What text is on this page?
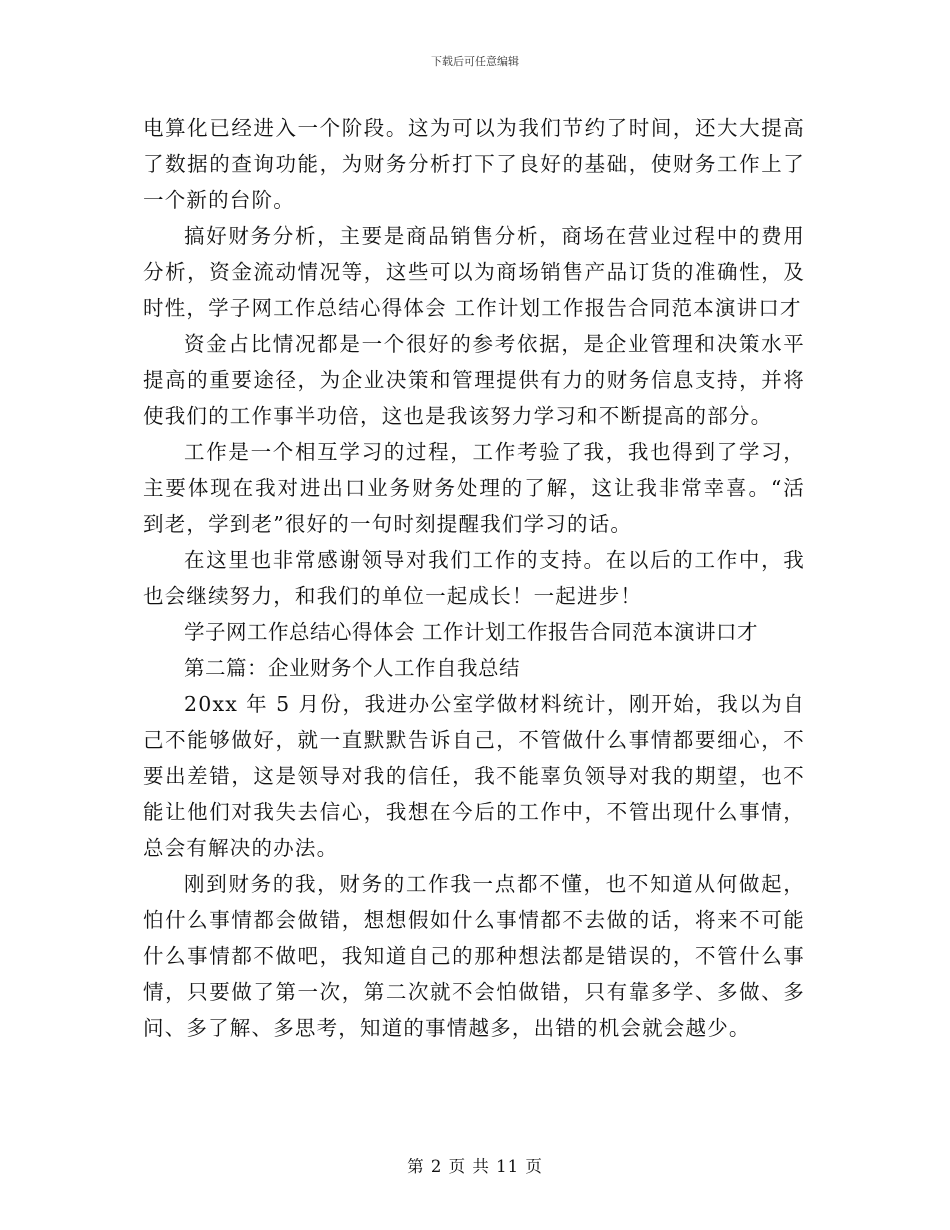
下载后可任意编辑

电算化已经进入一个阶段。这为可以为我们节约了时间，还大大提高了数据的查询功能，为财务分析打下了良好的基础，使财务工作上了一个新的台阶。

搞好财务分析，主要是商品销售分析，商场在营业过程中的费用分析，资金流动情况等，这些可以为商场销售产品订货的准确性，及时性，学子网工作总结心得体会 工作计划工作报告合同范本演讲口才

资金占比情况都是一个很好的参考依据，是企业管理和决策水平提高的重要途径，为企业决策和管理提供有力的财务信息支持，并将使我们的工作事半功倍，这也是我该努力学习和不断提高的部分。

工作是一个相互学习的过程，工作考验了我，我也得到了学习，主要体现在我对进出口业务财务处理的了解，这让我非常幸喜。“活到老，学到老”很好的一句时刻提醒我们学习的话。

在这里也非常感谢领导对我们工作的支持。在以后的工作中，我也会继续努力，和我们的单位一起成长！一起进步！

学子网工作总结心得体会 工作计划工作报告合同范本演讲口才

第二篇：企业财务个人工作自我总结

20xx 年 5 月份，我进办公室学做材料统计，刚开始，我以为自己不能够做好，就一直默默告诉自己，不管做什么事情都要细心，不要出差错，这是领导对我的信任，我不能辜负领导对我的期望，也不能让他们对我失去信心，我想在今后的工作中，不管出现什么事情，总会有解决的办法。

刚到财务的我，财务的工作我一点都不懂，也不知道从何做起，怕什么事情都会做错，想想假如什么事情都不去做的话，将来不可能什么事情都不做吧，我知道自己的那种想法都是错误的，不管什么事情，只要做了第一次，第二次就不会怕做错，只有靠多学、多做、多问、多了解、多思考，知道的事情越多，出错的机会就会越少。

第 2 页 共 11 页
